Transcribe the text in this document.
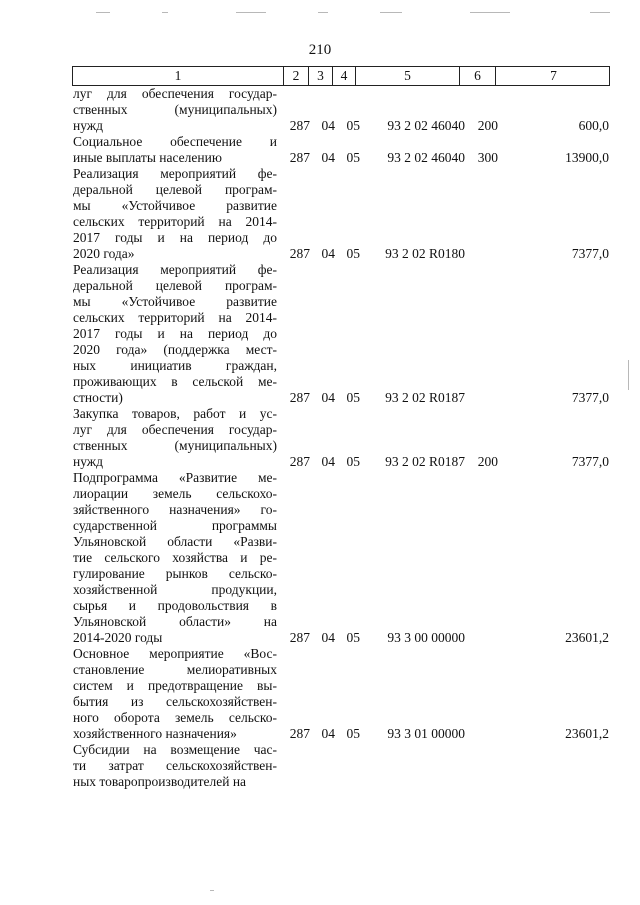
210
1	2	3	4	5	6	7
луг для обеспечения государ-
ственных (муниципальных)
нужд	287 04 05	93 2 02 46040 200	600,0
Социальное обеспечение и
иные выплаты населению	287 04 05	93 2 02 46040 300	13900,0
Реализация мероприятий фе-
деральной целевой програм-
мы «Устойчивое развитие
сельских территорий на 2014-
2017 годы и на период до
2020 года»	287 04 05	93 2 02 R0180	7377,0
Реализация мероприятий фе-
деральной целевой програм-
мы «Устойчивое развитие
сельских территорий на 2014-
2017 годы и на период до
2020 года» (поддержка мест-
ных инициатив граждан,
проживающих в сельской ме-
стности)	287 04 05	93 2 02 R0187	7377,0
Закупка товаров, работ и ус-
луг для обеспечения государ-
ственных (муниципальных)
нужд	287 04 05	93 2 02 R0187 200	7377,0
Подпрограмма «Развитие ме-
лиорации земель сельскохо-
зяйственного назначения» го-
сударственной программы
Ульяновской области «Разви-
тие сельского хозяйства и ре-
гулирование рынков сельско-
хозяйственной продукции,
сырья и продовольствия в
Ульяновской области» на
2014-2020 годы	287 04 05	93 3 00 00000	23601,2
Основное мероприятие «Вос-
становление мелиоративных
систем и предотвращение вы-
бытия из сельскохозяйствен-
ного оборота земель сельско-
хозяйственного назначения»	287 04 05	93 3 01 00000	23601,2
Субсидии на возмещение час-
ти затрат сельскохозяйствен-
ных товаропроизводителей на
